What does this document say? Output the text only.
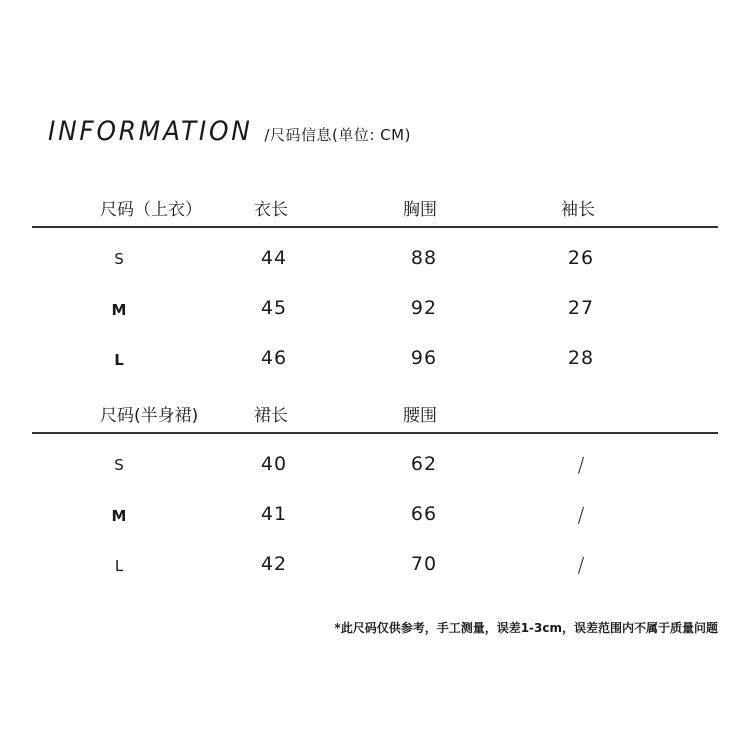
INFORMATION /尺码信息(单位: CM)
尺码（上衣）	衣长	胸围	袖长
S	44	88	26
M	45	92	27
L	46	96	28
尺码(半身裙)	裙长	腰围
S	40	62	/
M	41	66	/
L	42	70	/
*此尺码仅供参考，手工测量，误差1-3cm，误差范围内不属于质量问题
